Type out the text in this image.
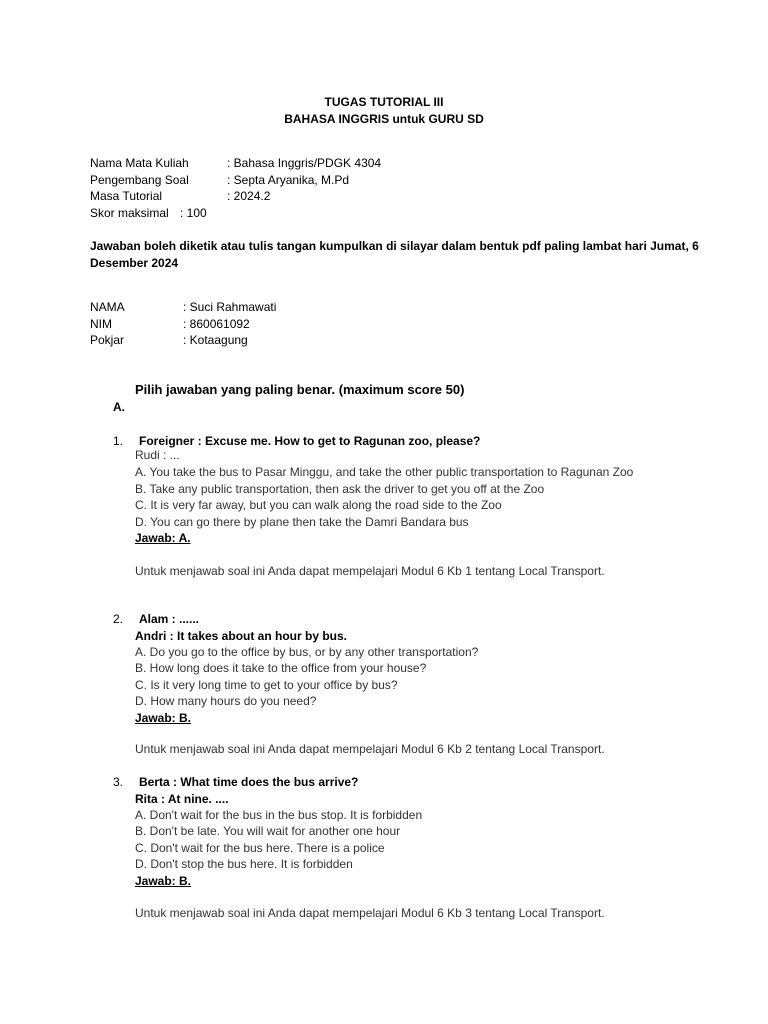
TUGAS TUTORIAL III
BAHASA INGGRIS untuk GURU SD
Nama Mata Kuliah	: Bahasa Inggris/PDGK 4304
Pengembang Soal	: Septa Aryanika, M.Pd
Masa Tutorial	: 2024.2
Skor maksimal : 100
Jawaban boleh diketik atau tulis tangan kumpulkan di silayar dalam bentuk pdf paling lambat hari Jumat, 6
Desember 2024
NAMA	: Suci Rahmawati
NIM	: 860061092
Pokjar	: Kotaagung
Pilih jawaban yang paling benar. (maximum score 50)
A.
1. Foreigner : Excuse me. How to get to Ragunan zoo, please?
Rudi : ...
A. You take the bus to Pasar Minggu, and take the other public transportation to Ragunan Zoo
B. Take any public transportation, then ask the driver to get you off at the Zoo
C. It is very far away, but you can walk along the road side to the Zoo
D. You can go there by plane then take the Damri Bandara bus
Jawab: A.
Untuk menjawab soal ini Anda dapat mempelajari Modul 6 Kb 1 tentang Local Transport.
2. Alam : ......
Andri : It takes about an hour by bus.
A. Do you go to the office by bus, or by any other transportation?
B. How long does it take to the office from your house?
C. Is it very long time to get to your office by bus?
D. How many hours do you need?
Jawab: B.
Untuk menjawab soal ini Anda dapat mempelajari Modul 6 Kb 2 tentang Local Transport.
3. Berta : What time does the bus arrive?
Rita : At nine. ....
A. Don't wait for the bus in the bus stop. It is forbidden
B. Don't be late. You will wait for another one hour
C. Don't wait for the bus here. There is a police
D. Don't stop the bus here. It is forbidden
Jawab: B.
Untuk menjawab soal ini Anda dapat mempelajari Modul 6 Kb 3 tentang Local Transport.
